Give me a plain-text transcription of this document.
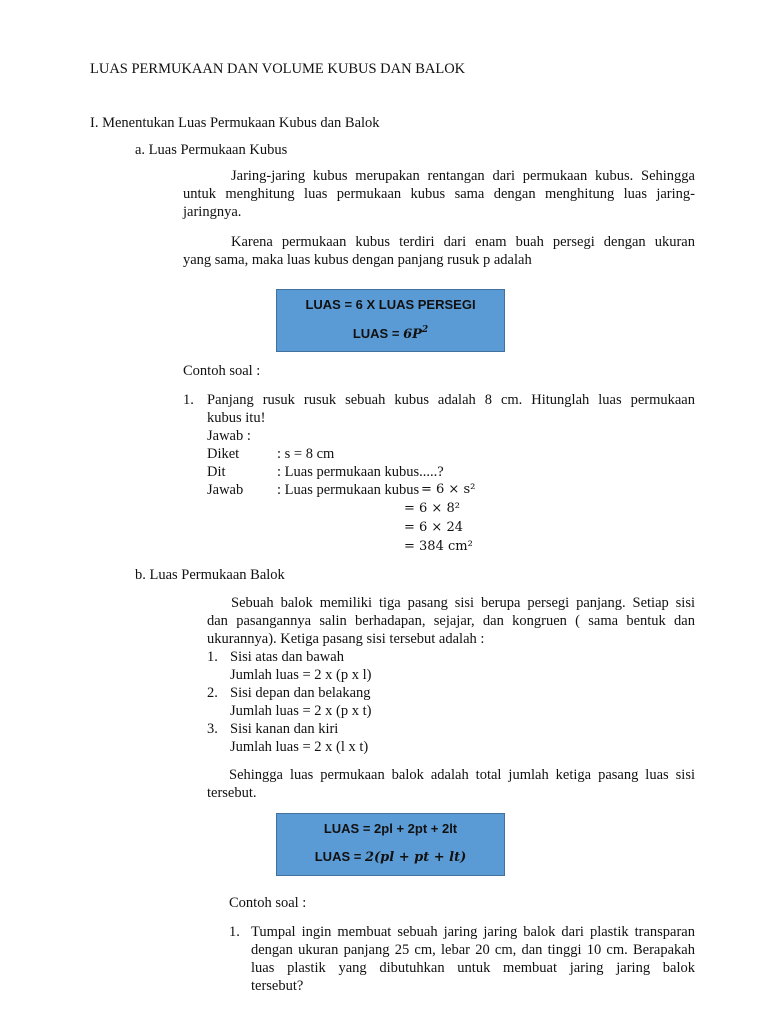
LUAS PERMUKAAN DAN VOLUME KUBUS DAN BALOK
I. Menentukan Luas Permukaan Kubus dan Balok
a. Luas Permukaan Kubus
Jaring-jaring kubus merupakan rentangan dari permukaan kubus. Sehingga
untuk menghitung luas permukaan kubus sama dengan menghitung luas jaring-
jaringnya.
Karena permukaan kubus terdiri dari enam buah persegi dengan ukuran
yang sama, maka luas kubus dengan panjang rusuk p adalah
LUAS = 6 X LUAS PERSEGI
LUAS = $6P^2$
Contoh soal :
1. Panjang rusuk rusuk sebuah kubus adalah 8 cm. Hitunglah luas permukaan
kubus itu!
Jawab :
Diket	: s = 8 cm
Dit	: Luas permukaan kubus.....?
Jawab : Luas permukaan kubus =
= 6 × s²
= 6 × 8²
= 6 × 24
= 384 cm²
b. Luas Permukaan Balok
Sebuah balok memiliki tiga pasang sisi berupa persegi panjang. Setiap sisi
dan pasangannya salin berhadapan, sejajar, dan kongruen ( sama bentuk dan
ukurannya). Ketiga pasang sisi tersebut adalah :
1. Sisi atas dan bawah
Jumlah luas = 2 x (p x l)
2. Sisi depan dan belakang
Jumlah luas = 2 x (p x t)
3. Sisi kanan dan kiri
Jumlah luas = 2 x (l x t)
Sehingga luas permukaan balok adalah total jumlah ketiga pasang luas sisi
tersebut.
LUAS = 2pl + 2pt + 2lt
LUAS = 2(pl + pt + lt)
Contoh soal :
1. Tumpal ingin membuat sebuah jaring jaring balok dari plastik transparan
dengan ukuran panjang 25 cm, lebar 20 cm, dan tinggi 10 cm. Berapakah
luas plastik yang dibutuhkan untuk membuat jaring jaring balok
tersebut?
